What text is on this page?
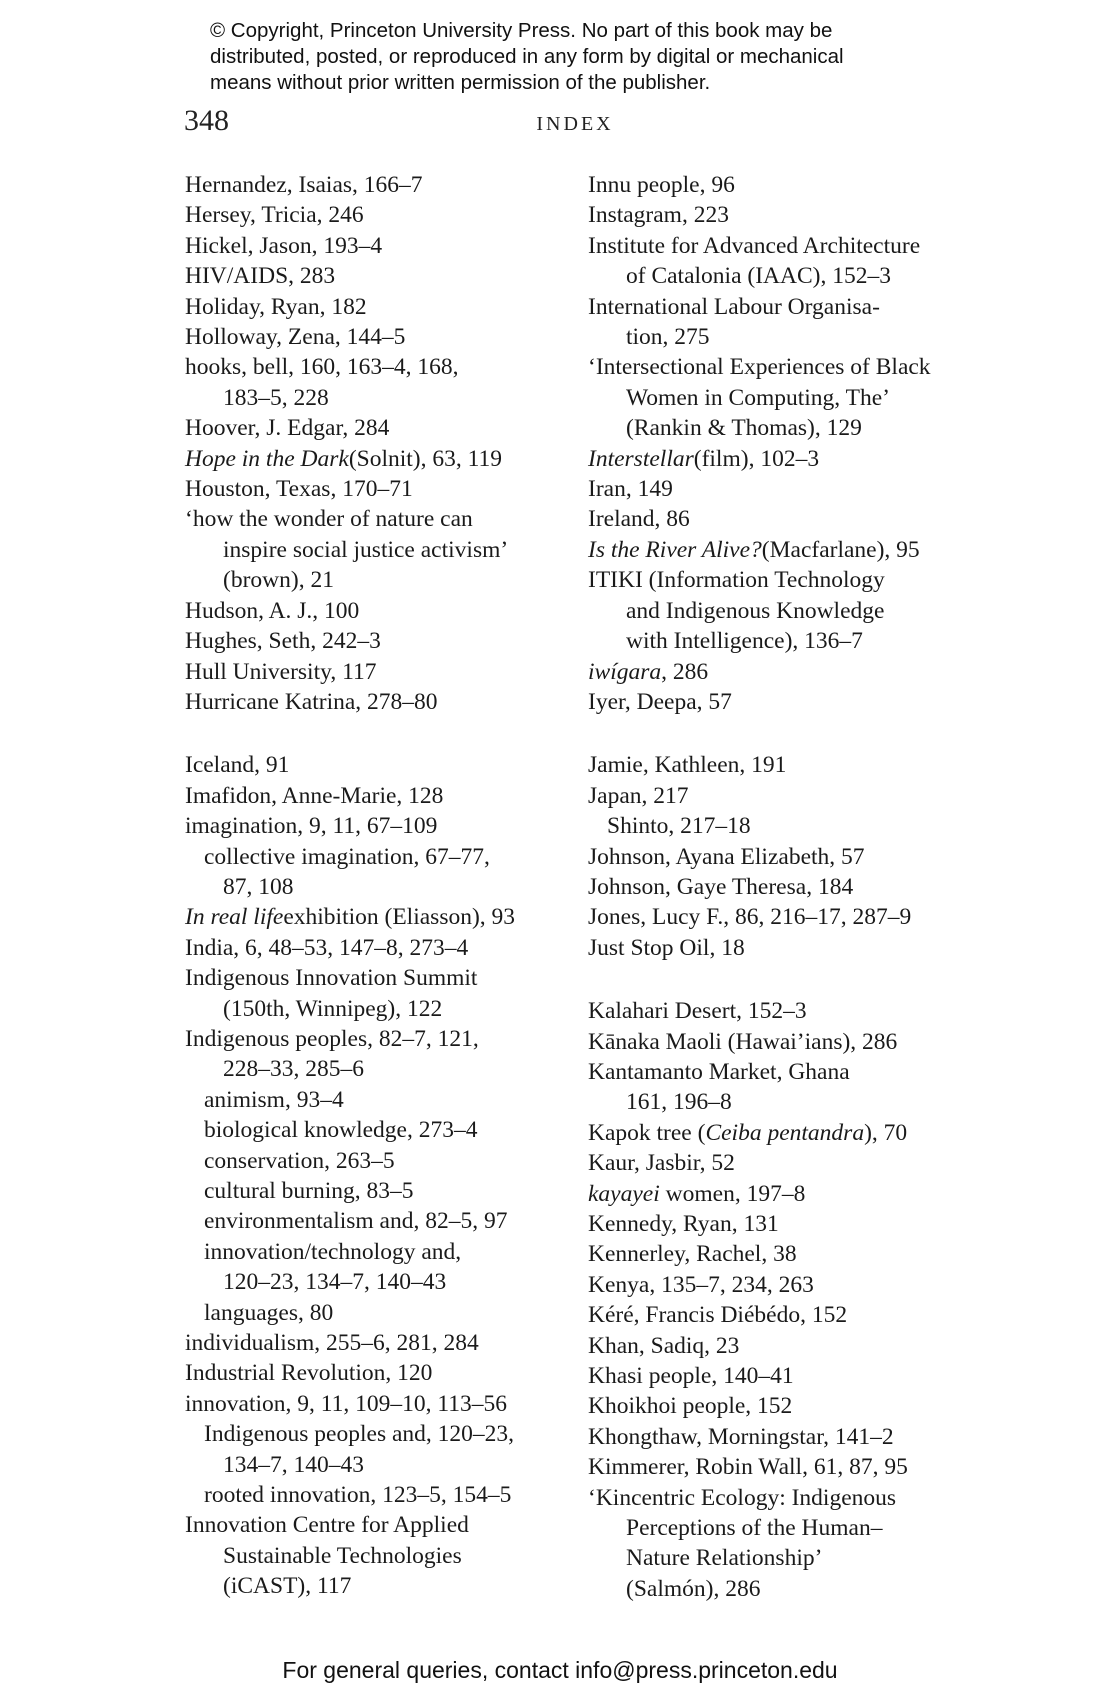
© Copyright, Princeton University Press. No part of this book may be
distributed, posted, or reproduced in any form by digital or mechanical
means without prior written permission of the publisher.
348	INDEX
Hernandez, Isaias, 166–7
Hersey, Tricia, 246
Hickel, Jason, 193–4
HIV/AIDS, 283
Holiday, Ryan, 182
Holloway, Zena, 144–5
hooks, bell, 160, 163–4, 168,
183–5, 228
Hoover, J. Edgar, 284
Hope in the Dark(Solnit), 63, 119
Houston, Texas, 170–71
‘how the wonder of nature can
inspire social justice activism’
(brown), 21
Hudson, A. J., 100
Hughes, Seth, 242–3
Hull University, 117
Hurricane Katrina, 278–80
Iceland, 91
Imafidon, Anne-Marie, 128
imagination, 9, 11, 67–109
collective imagination, 67–77,
87, 108
In real lifeexhibition (Eliasson), 93
India, 6, 48–53, 147–8, 273–4
Indigenous Innovation Summit
(150th, Winnipeg), 122
Indigenous peoples, 82–7, 121,
228–33, 285–6
animism, 93–4
biological knowledge, 273–4
conservation, 263–5
cultural burning, 83–5
environmentalism and, 82–5, 97
innovation/technology and,
120–23, 134–7, 140–43
languages, 80
individualism, 255–6, 281, 284
Industrial Revolution, 120
innovation, 9, 11, 109–10, 113–56
Indigenous peoples and, 120–23,
134–7, 140–43
rooted innovation, 123–5, 154–5
Innovation Centre for Applied
Sustainable Technologies
(iCAST), 117
Innu people, 96
Instagram, 223
Institute for Advanced Architecture
of Catalonia (IAAC), 152–3
International Labour Organisa-
tion, 275
‘Intersectional Experiences of Black
Women in Computing, The’
(Rankin & Thomas), 129
Interstellar(film), 102–3
Iran, 149
Ireland, 86
Is the River Alive?(Macfarlane), 95
ITIKI (Information Technology
and Indigenous Knowledge
with Intelligence), 136–7
iwígara, 286
Iyer, Deepa, 57
Jamie, Kathleen, 191
Japan, 217
Shinto, 217–18
Johnson, Ayana Elizabeth, 57
Johnson, Gaye Theresa, 184
Jones, Lucy F., 86, 216–17, 287–9
Just Stop Oil, 18
Kalahari Desert, 152–3
Kānaka Maoli (Hawai’ians), 286
Kantamanto Market, Ghana
161, 196–8
Kapok tree (Ceiba pentandra), 70
Kaur, Jasbir, 52
kayayei women, 197–8
Kennedy, Ryan, 131
Kennerley, Rachel, 38
Kenya, 135–7, 234, 263
Kéré, Francis Diébédo, 152
Khan, Sadiq, 23
Khasi people, 140–41
Khoikhoi people, 152
Khongthaw, Morningstar, 141–2
Kimmerer, Robin Wall, 61, 87, 95
‘Kincentric Ecology: Indigenous
Perceptions of the Human–
Nature Relationship’
(Salmón), 286
For general queries, contact info@press.princeton.edu
